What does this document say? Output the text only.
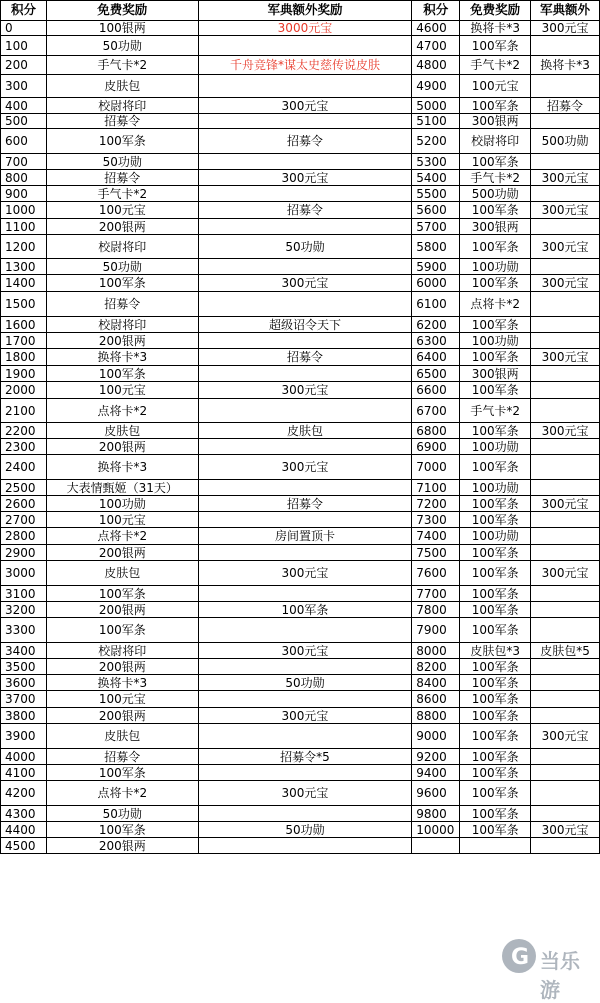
积分	免费奖励	军典额外奖励	积分	免费奖励	军典额外
0	100银两	3000元宝	4600	换将卡*3	300元宝
100	50功勋		4700	100军条	
200	手气卡*2	千舟竞锋*谋太史慈传说皮肤	4800	手气卡*2	换将卡*3
300	皮肤包		4900	100元宝	
400	校尉将印	300元宝	5000	100军条	招募令
500	招募令		5100	300银两	
600	100军条	招募令	5200	校尉将印	500功勋
700	50功勋		5300	100军条	
800	招募令	300元宝	5400	手气卡*2	300元宝
900	手气卡*2		5500	500功勋	
1000	100元宝	招募令	5600	100军条	300元宝
1100	200银两		5700	300银两	
1200	校尉将印	50功勋	5800	100军条	300元宝
1300	50功勋		5900	100功勋	
1400	100军条	300元宝	6000	100军条	300元宝
1500	招募令		6100	点将卡*2	
1600	校尉将印	超级诏令天下	6200	100军条	
1700	200银两		6300	100功勋	
1800	换将卡*3	招募令	6400	100军条	300元宝
1900	100军条		6500	300银两	
2000	100元宝	300元宝	6600	100军条	
2100	点将卡*2		6700	手气卡*2	
2200	皮肤包	皮肤包	6800	100军条	300元宝
2300	200银两		6900	100功勋	
2400	换将卡*3	300元宝	7000	100军条	
2500	大表情甄姬（31天）		7100	100功勋	
2600	100功勋	招募令	7200	100军条	300元宝
2700	100元宝		7300	100军条	
2800	点将卡*2	房间置顶卡	7400	100功勋	
2900	200银两		7500	100军条	
3000	皮肤包	300元宝	7600	100军条	300元宝
3100	100军条		7700	100军条	
3200	200银两	100军条	7800	100军条	
3300	100军条		7900	100军条	
3400	校尉将印	300元宝	8000	皮肤包*3	皮肤包*5
3500	200银两		8200	100军条	
3600	换将卡*3	50功勋	8400	100军条	
3700	100元宝		8600	100军条	
3800	200银两	300元宝	8800	100军条	
3900	皮肤包		9000	100军条	300元宝
4000	招募令	招募令*5	9200	100军条	
4100	100军条		9400	100军条	
4200	点将卡*2	300元宝	9600	100军条	
4300	50功勋		9800	100军条	
4400	100军条	50功勋	10000	100军条	300元宝
4500	200银两				
G 当乐游
